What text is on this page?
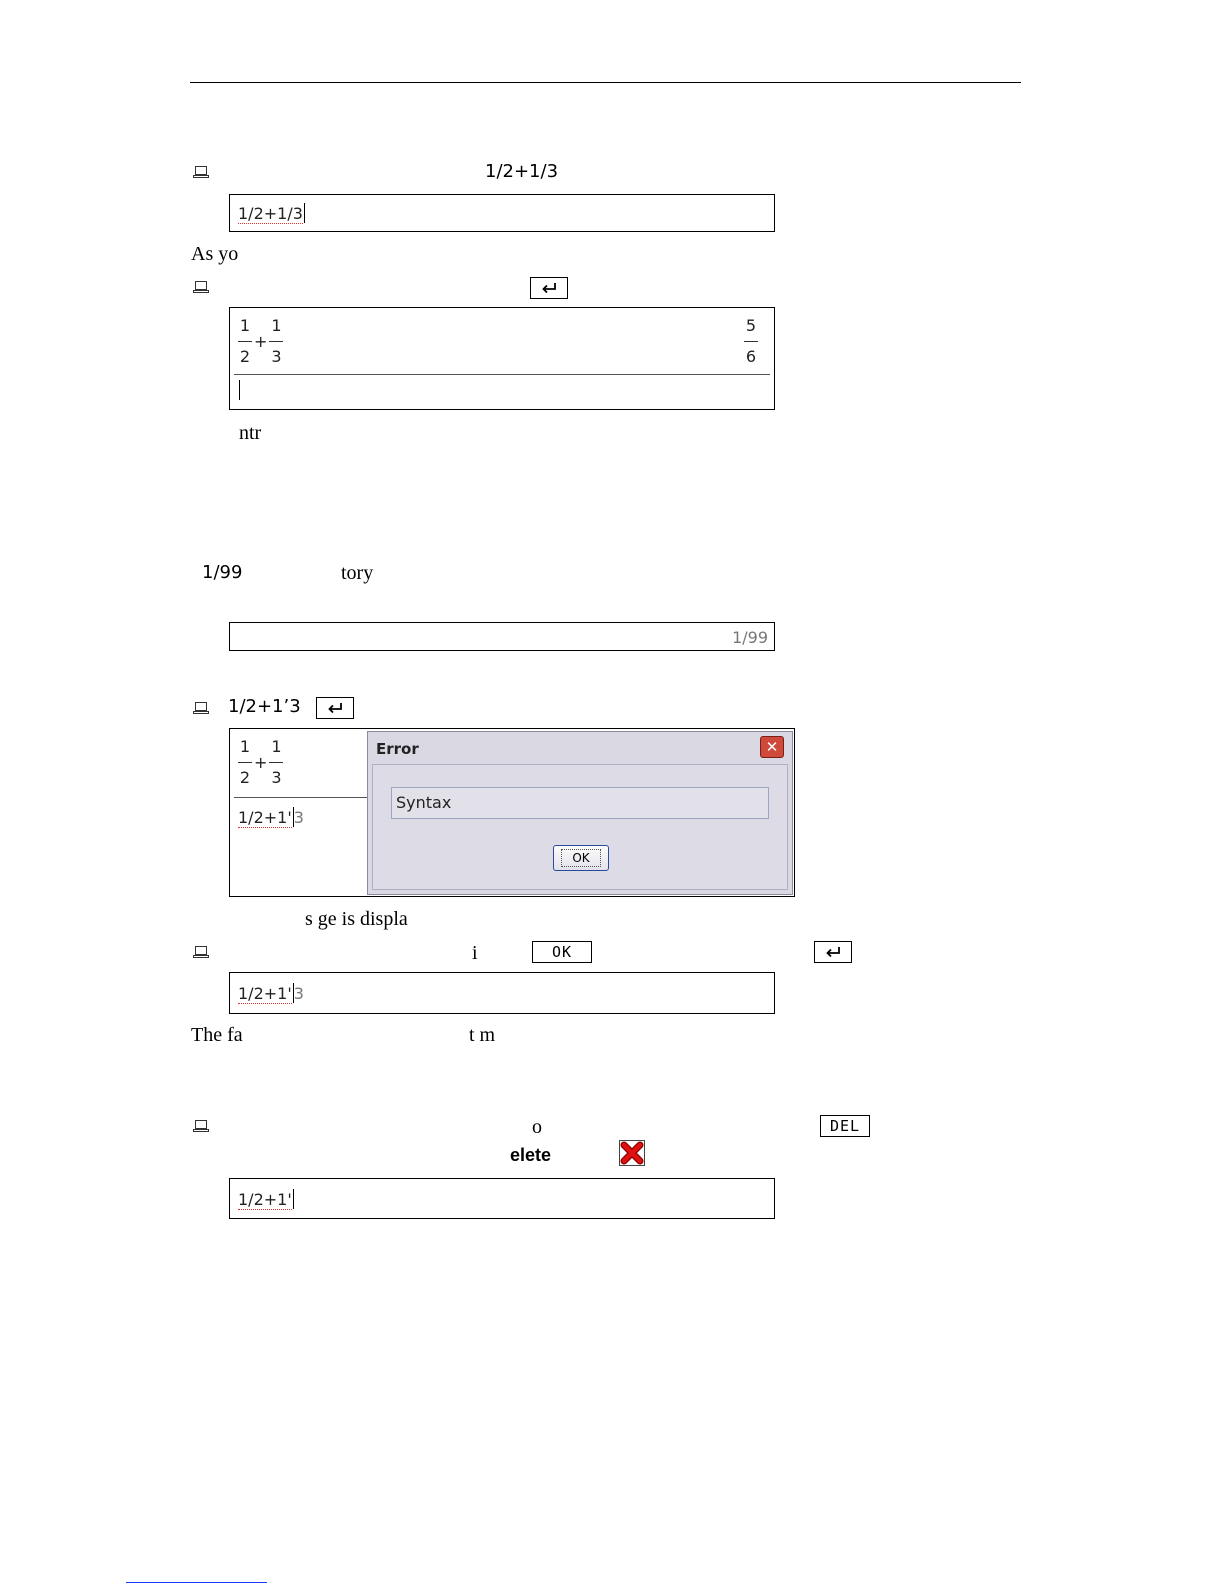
1/2+1/3
1/2+1/3
As yo
$\frac{1}{2} + \frac{1}{3}$	$\frac{5}{6}$
ntr
1/99	tory
1/99
1/2+1’3
$\frac{1}{2} + \frac{1}{3}$
1/2+1' 3
Error	✕
Syntax
OK
s ge is displa
i	OK
1/2+1' 3
The fa	t m
o	DEL
elete
1/2+1'
